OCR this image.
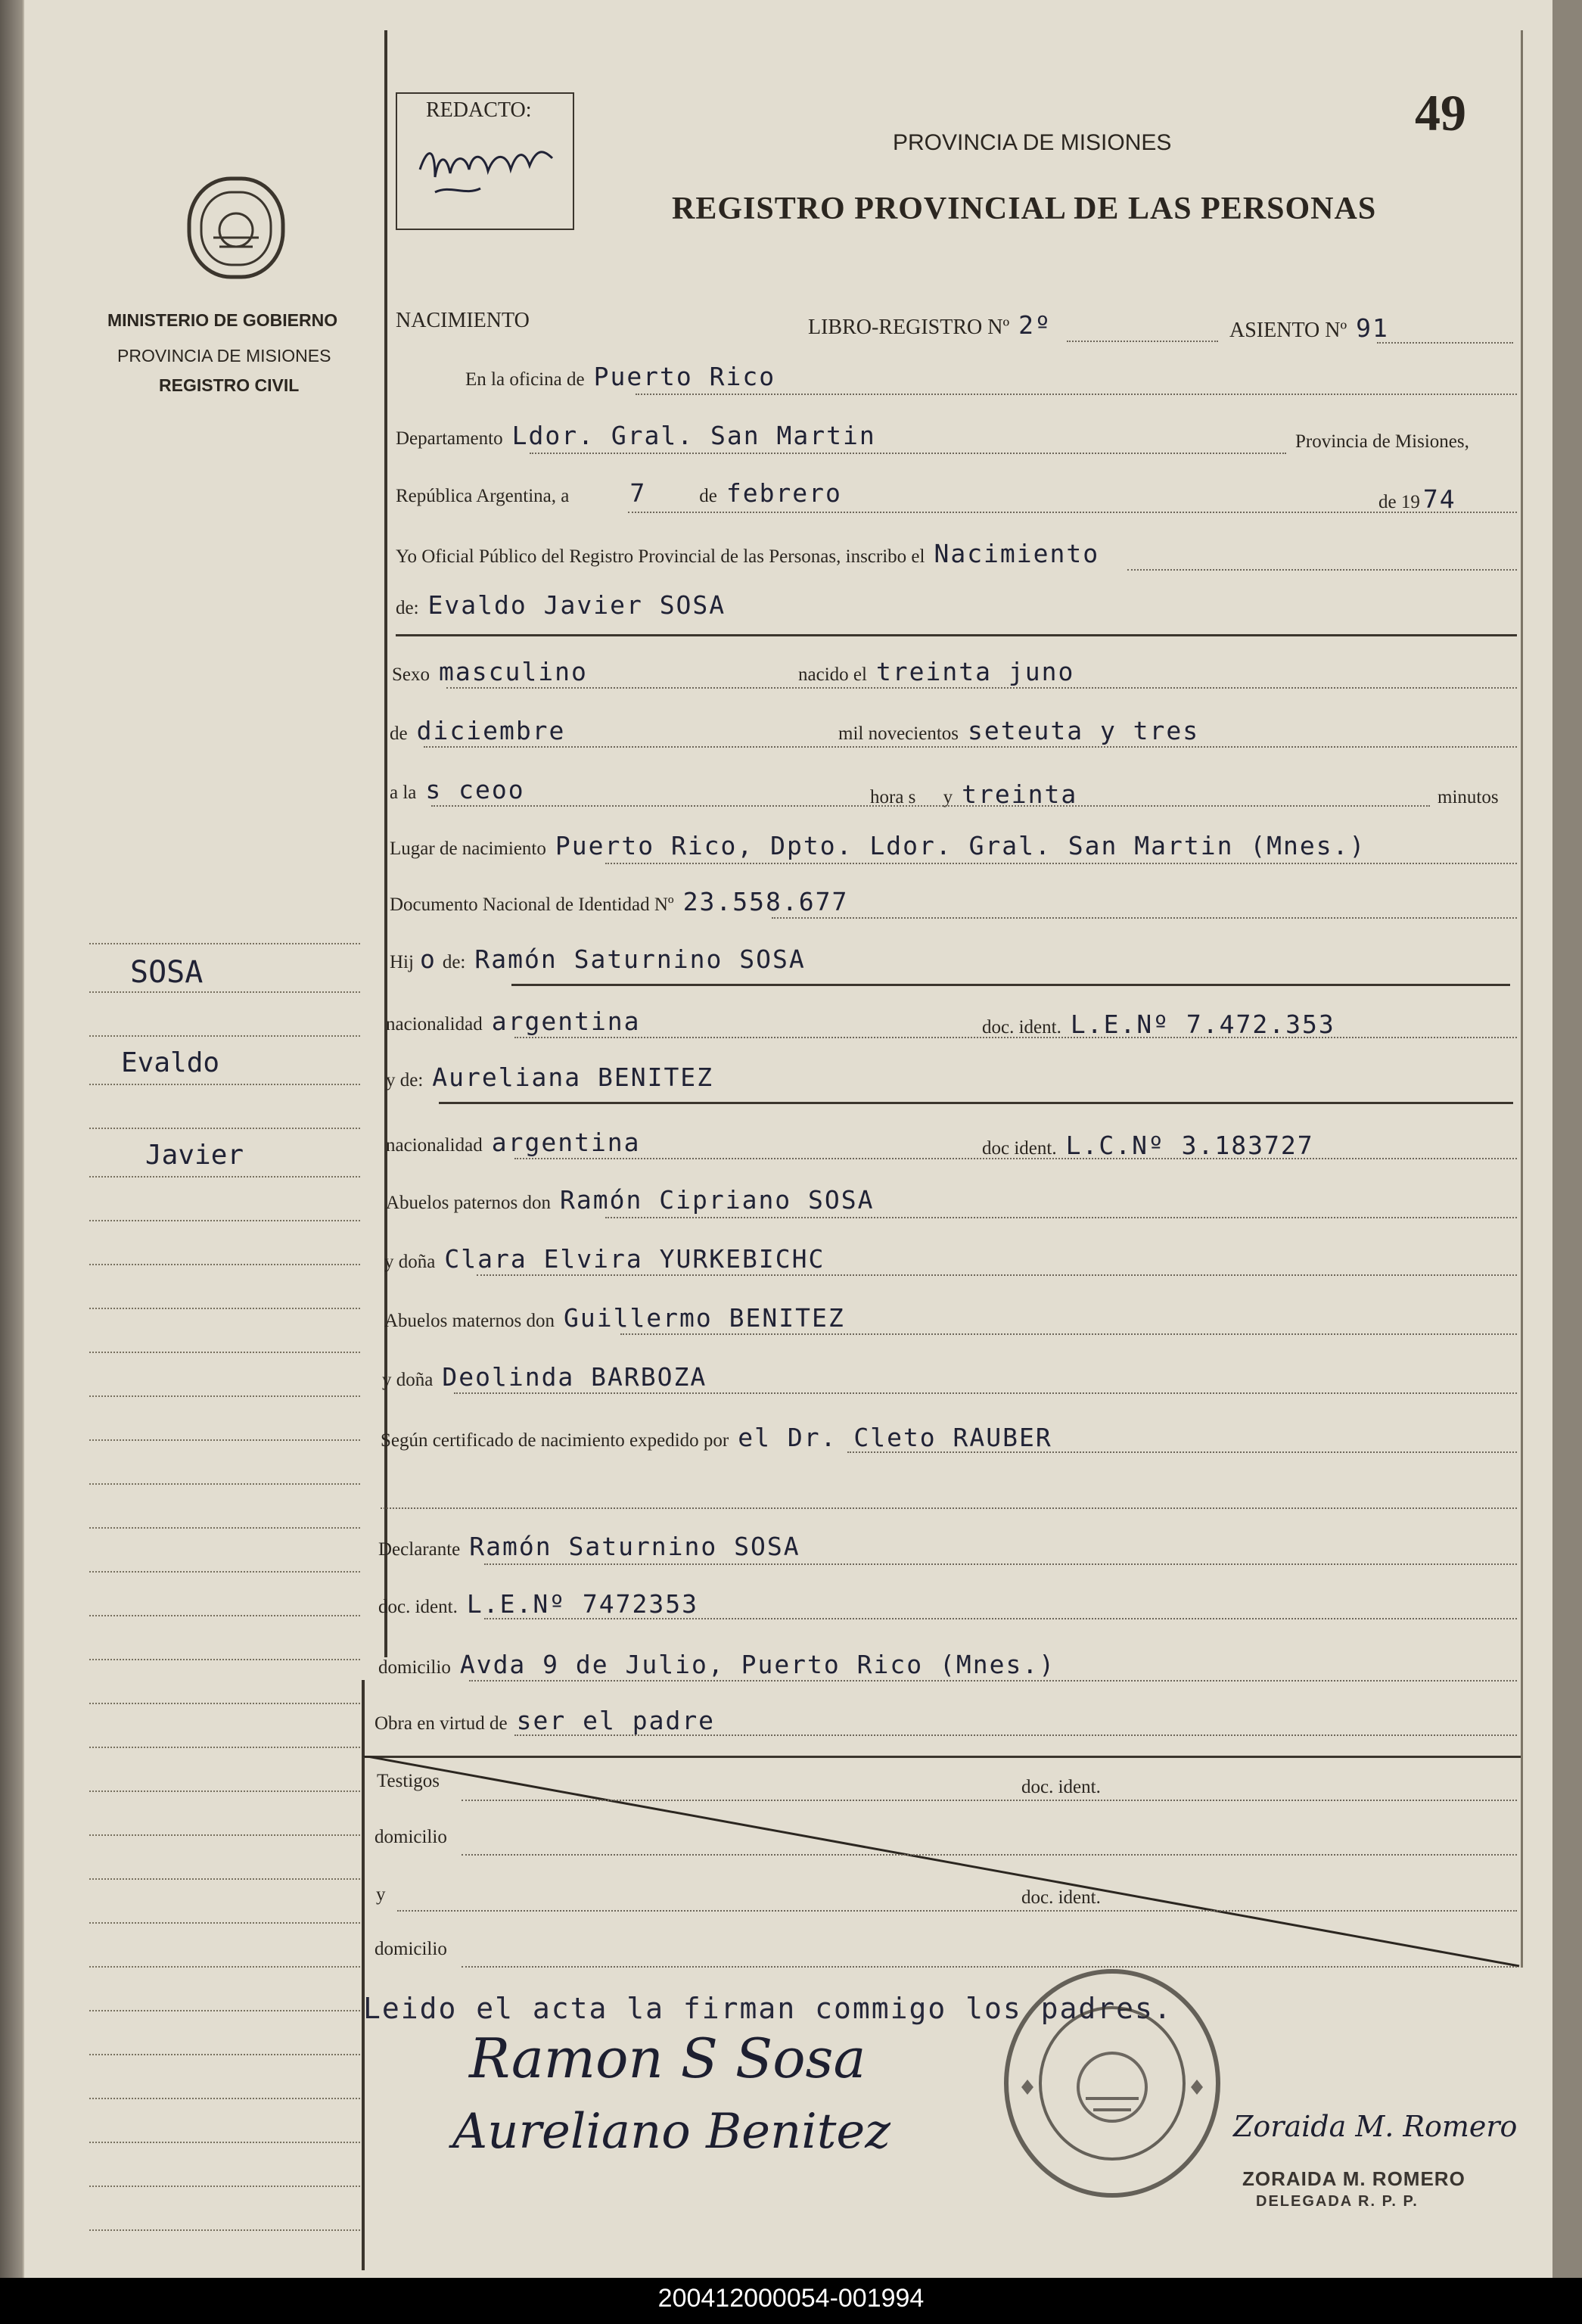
49
REDACTO:
PROVINCIA DE MISIONES
REGISTRO PROVINCIAL DE LAS PERSONAS
MINISTERIO DE GOBIERNO
PROVINCIA DE MISIONES
REGISTRO CIVIL
NACIMIENTO	LIBRO-REGISTRO Nº 2º	ASIENTO Nº 91
En la oficina de Puerto Rico
Departamento Ldor. Gral. San Martin	Provincia de Misiones,
República Argentina, a 7	de febrero	de 19 74
Yo Oficial Público del Registro Provincial de las Personas, inscribo el Nacimiento
de: Evaldo Javier SOSA
Sexo masculino	nacido el treinta juno
de diciembre	mil novecientos seteuta y tres
a la s ceoo	hora s y treinta	minutos
Lugar de nacimiento Puerto Rico, Dpto. Ldor. Gral. San Martin (Mnes.)
Documento Nacional de Identidad Nº 23.558.677
Hij o de: Ramón Saturnino SOSA
nacionalidad argentina	doc. ident. L.E.Nº 7.472.353
y de: Aureliana BENITEZ
nacionalidad argentina	doc ident. L.C.Nº 3.183727
Abuelos paternos don Ramón Cipriano SOSA
y doña Clara Elvira YURKEBICHC
Abuelos maternos don Guillermo BENITEZ
y doña Deolinda BARBOZA
Según certificado de nacimiento expedido por el Dr. Cleto RAUBER
Declarante Ramón Saturnino SOSA
doc. ident. L.E.Nº 7472353
domicilio Avda 9 de Julio, Puerto Rico (Mnes.)
Obra en virtud de ser el padre
Testigos	doc. ident.
domicilio
y	doc. ident.
domicilio
Leido el acta la firman commigo los padres.
Ramon S Sosa
Aureliano Benitez	Zoraida M. Romero
ZORAIDA M. ROMERO
DELEGADA R. P. P.
SOSA
Evaldo
Javier
200412000054-001994
